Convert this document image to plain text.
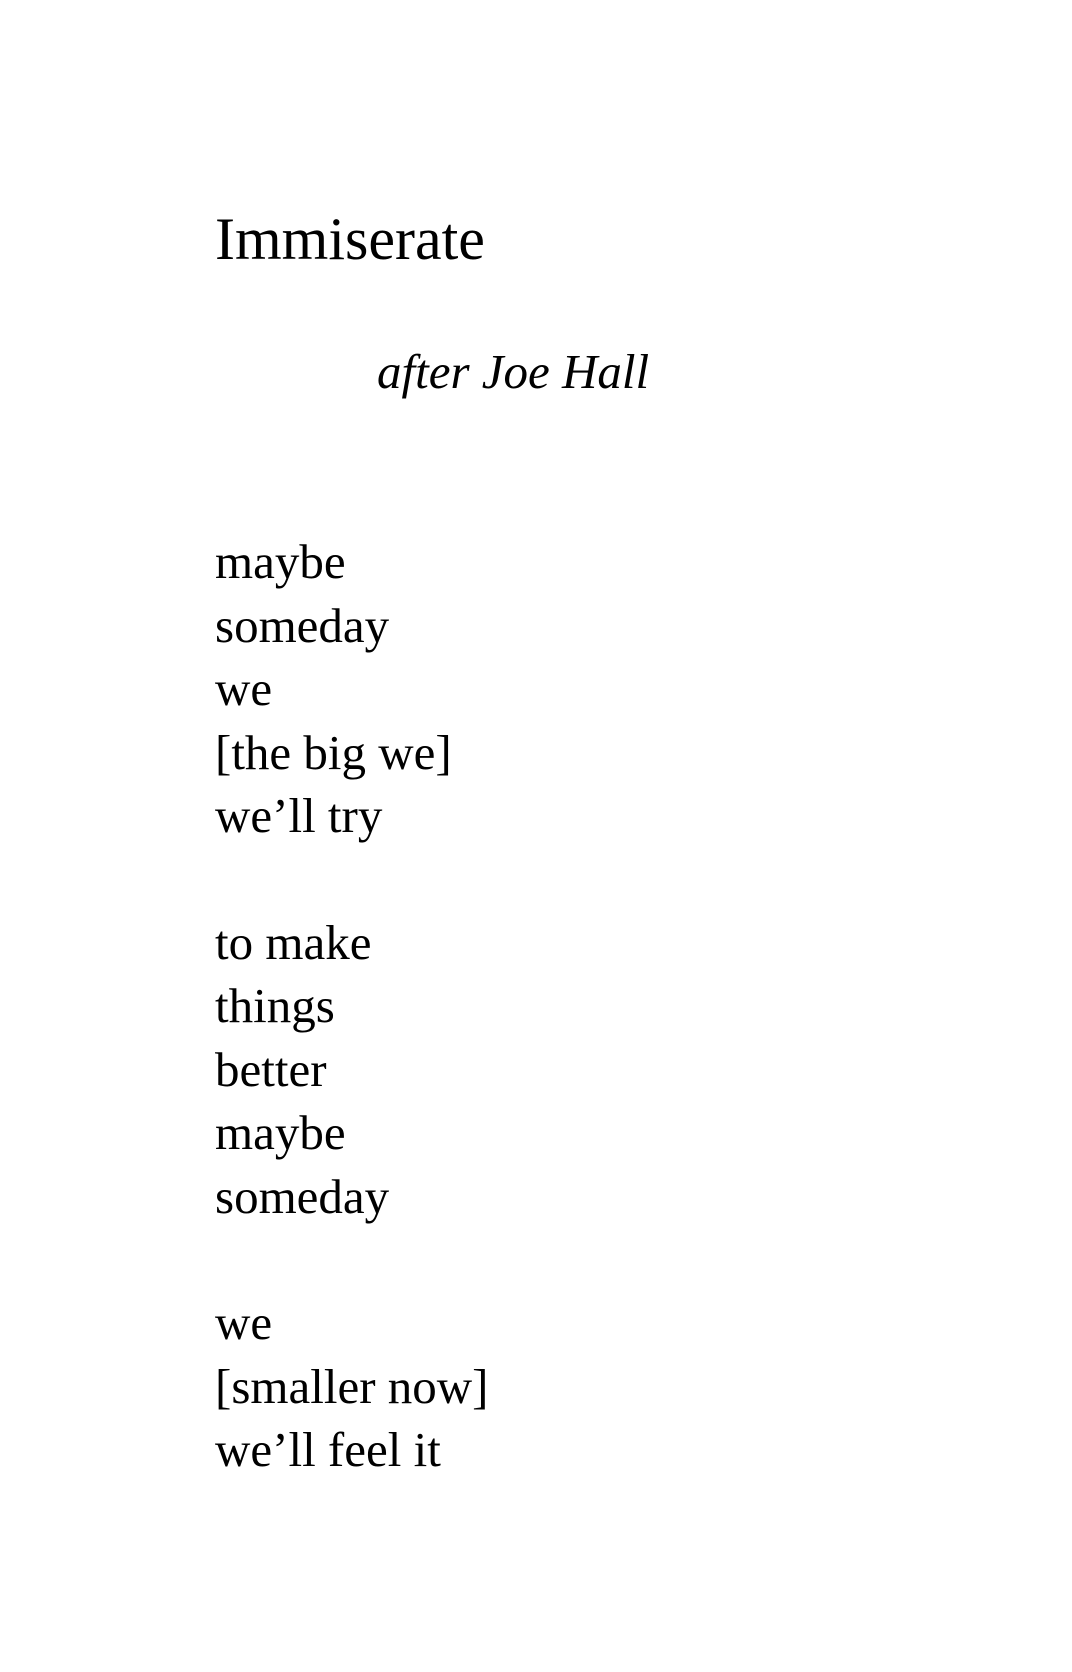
Immiserate

after Joe Hall

maybe
someday
we
[the big we]
we’ll try
to make
things
better
maybe
someday
we
[smaller now]
we’ll feel it
